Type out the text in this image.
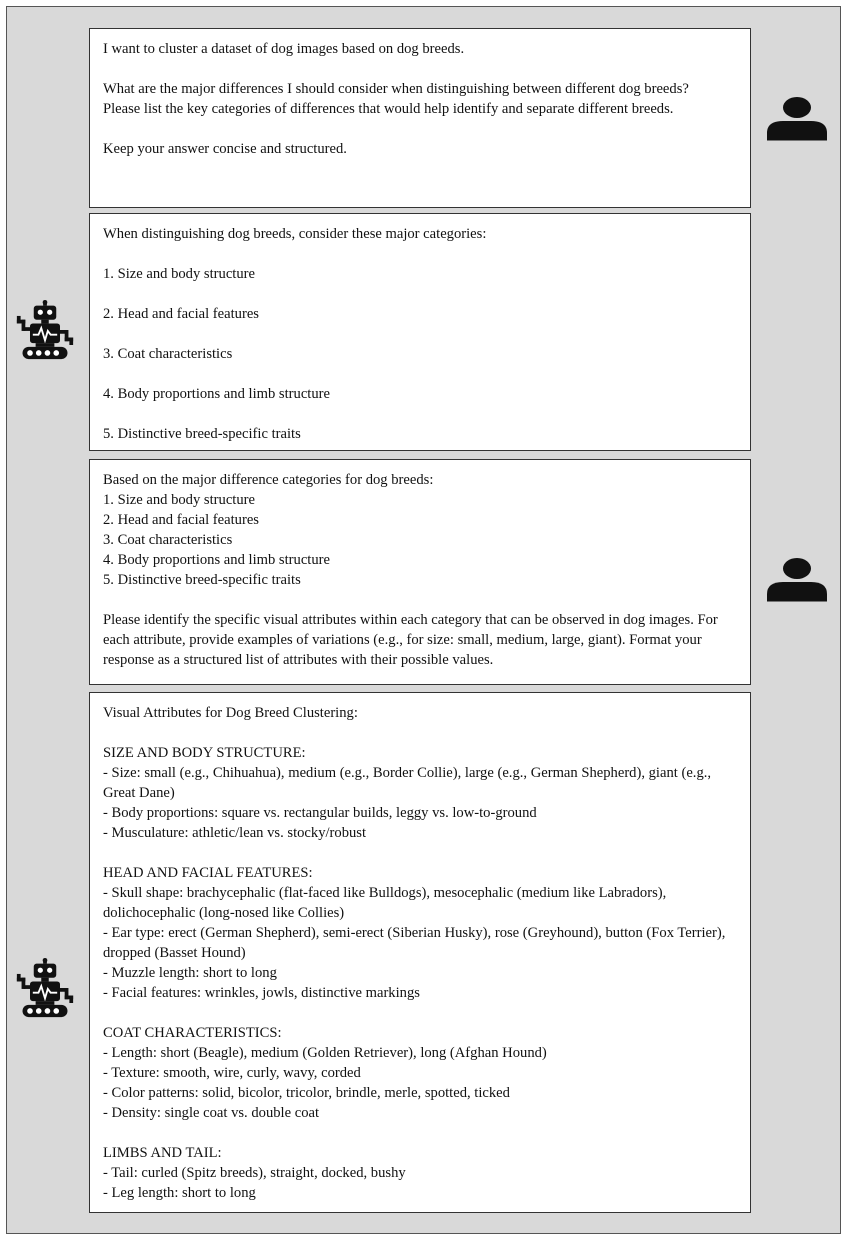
I want to cluster a dataset of dog images based on dog breeds.

What are the major differences I should consider when distinguishing between different dog breeds?

Please list the key categories of differences that would help identify and separate different breeds.

Keep your answer concise and structured.

When distinguishing dog breeds, consider these major categories:

1. Size and body structure

2. Head and facial features

3. Coat characteristics

4. Body proportions and limb structure

5. Distinctive breed-specific traits

Based on the major difference categories for dog breeds:

1. Size and body structure

2. Head and facial features

3. Coat characteristics

4. Body proportions and limb structure

5. Distinctive breed-specific traits

Please identify the specific visual attributes within each category that can be observed in dog images. For each attribute, provide examples of variations (e.g., for size: small, medium, large, giant). Format your response as a structured list of attributes with their possible values.

Visual Attributes for Dog Breed Clustering:

SIZE AND BODY STRUCTURE:

- Size: small (e.g., Chihuahua), medium (e.g., Border Collie), large (e.g., German Shepherd), giant (e.g., Great Dane)

- Body proportions: square vs. rectangular builds, leggy vs. low-to-ground

- Musculature: athletic/lean vs. stocky/robust

HEAD AND FACIAL FEATURES:

- Skull shape: brachycephalic (flat-faced like Bulldogs), mesocephalic (medium like Labradors), dolichocephalic (long-nosed like Collies)

- Ear type: erect (German Shepherd), semi-erect (Siberian Husky), rose (Greyhound), button (Fox Terrier), dropped (Basset Hound)

- Muzzle length: short to long

- Facial features: wrinkles, jowls, distinctive markings

COAT CHARACTERISTICS:

- Length: short (Beagle), medium (Golden Retriever), long (Afghan Hound)

- Texture: smooth, wire, curly, wavy, corded

- Color patterns: solid, bicolor, tricolor, brindle, merle, spotted, ticked

- Density: single coat vs. double coat

LIMBS AND TAIL:

- Tail: curled (Spitz breeds), straight, docked, bushy

- Leg length: short to long
